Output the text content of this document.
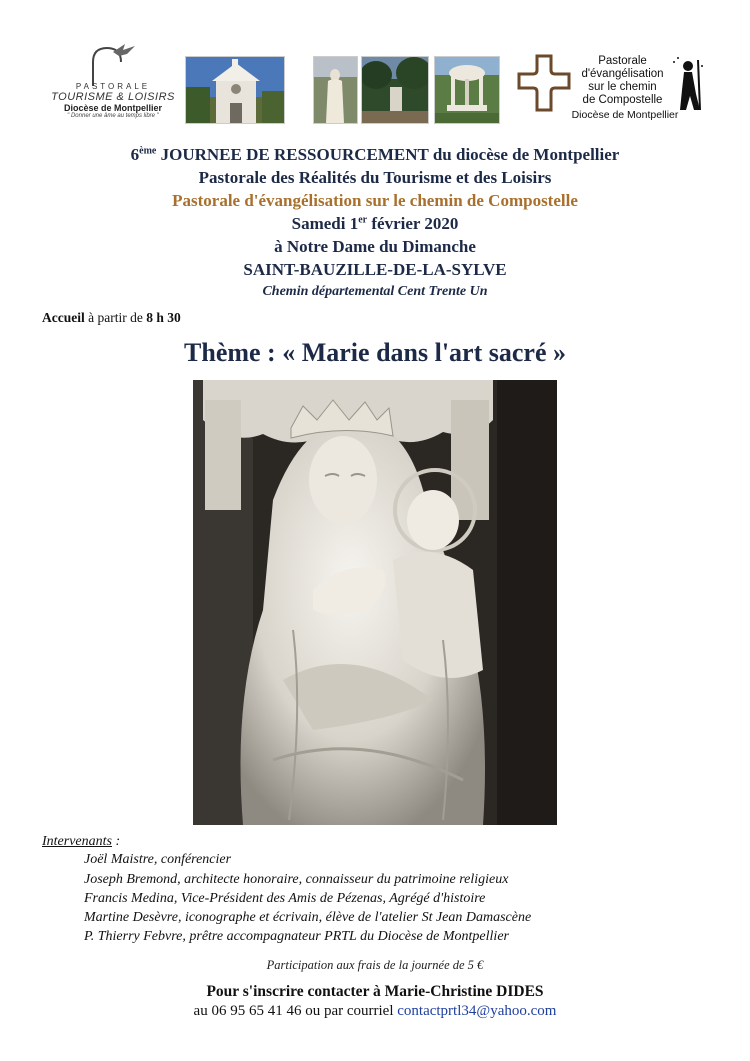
PASTORALE
TOURISME & LOISIRS
Diocèse de Montpellier
" Donner une âme au temps libre "
Pastorale
d'évangélisation
sur le chemin
de Compostelle
Diocèse de Montpellier
6ème JOURNEE DE RESSOURCEMENT du diocèse de Montpellier
Pastorale des Réalités du Tourisme et des Loisirs
Pastorale d'évangélisation sur le chemin de Compostelle
Samedi 1er février 2020
à Notre Dame du Dimanche
SAINT-BAUZILLE-DE-LA-SYLVE
Chemin départemental Cent Trente Un
Accueil à partir de 8 h 30
Thème : « Marie dans l'art sacré »
Intervenants :
Joël Maistre, conférencier
Joseph Bremond, architecte honoraire, connaisseur du patrimoine religieux
Francis Medina, Vice-Président des Amis de Pézenas, Agrégé d'histoire
Martine Desèvre, iconographe et écrivain, élève de l'atelier St Jean Damascène
P. Thierry Febvre, prêtre accompagnateur PRTL du Diocèse de Montpellier
Participation aux frais de la journée de 5 €
Pour s'inscrire contacter à Marie-Christine DIDES
au 06 95 65 41 46 ou par courriel contactprtl34@yahoo.com
